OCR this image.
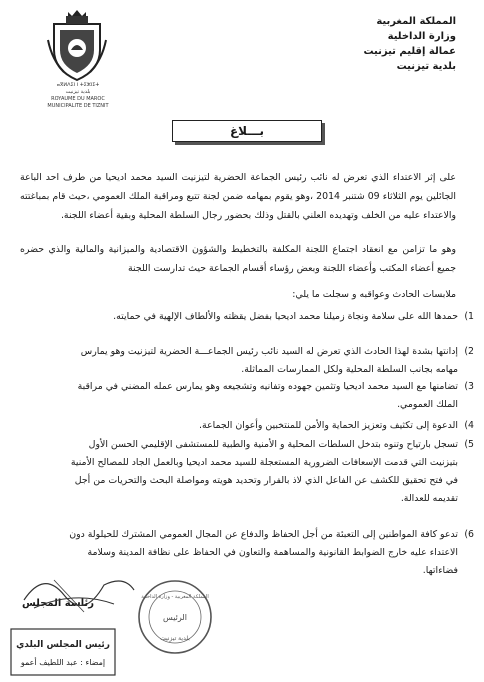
ⴰⴳⵍⴷⵉⵏ ⵏ ⵜⵉⵣⵏⵉⵜ
بلدية تيزنيت
ROYAUME DU MAROC
MUNICIPALITE DE TIZNIT
المملكة المغربية
وزارة الداخلية
عمالة إقليم تيزنيت
بلدية تيزنيت
بـــلاغ
على إثر الاعتداء الذي تعرض له نائب رئيس الجماعة الحضرية لتيزنيت السيد محمد اديحيا من طرف احد الباعة الجائلين يوم الثلاثاء 09 شتنبر 2014 ،وهو يقوم بمهامه ضمن لجنة تتبع ومراقبة الملك العمومي ،حيث قام بمباغتته والاعتداء عليه من الخلف وتهديده العلني بالقتل وذلك بحضور رجال السلطة المحلية وبقية أعضاء اللجنة.
وهو ما تزامن مع انعقاد اجتماع اللجنة المكلفة بالتخطيط والشؤون الاقتصادية والميزانية والمالية والذي حضره جميع أعضاء المكتب وأعضاء اللجنة وبعض رؤساء أقسام الجماعة حيث تدارست اللجنة
ملابسات الحادث وعواقبه و سجلت ما يلي:
1)
حمدها الله على سلامة ونجاة زميلنا محمد اديحيا بفضل يقظته والألطاف الإلهية في حمايته.
2)
إدانتها بشدة لهذا الحادث الذي تعرض له السيد نائب رئيس الجماعـــة الحضرية لتيزنيت وهو يمارس مهامه بجانب السلطة المحلية ولكل الممارسات المماثلة.
3)
تضامنها مع السيد محمد اديحيا وتثمين جهوده وتفانيه وتشجيعه وهو يمارس عمله المضني في مراقبة الملك العمومي.
4)
الدعوة إلى تكثيف وتعزيز الحماية والأمن للمنتخبين وأعوان الجماعة.
5)
تسجل بارتياح وتنوه بتدخل السلطات المحلية و الأمنية والطبية للمستشفى الإقليمي الحسن الأول بتيزنيت التي قدمت الإسعافات الضرورية المستعجلة للسيد محمد اديحيا وبالعمل الجاد للمصالح الأمنية في فتح تحقيق للكشف عن الفاعل الذي لاذ بالفرار وتحديد هويته ومواصلة البحث والتحريات من أجل تقديمه للعدالة.
6)
تدعو كافة المواطنين إلى التعبئة من أجل الحفاظ والدفاع عن المجال العمومي المشترك للحيلولة دون الاعتداء عليه خارج الضوابط القانونية والمساهمة والتعاون في الحفاظ على نظافة المدينة وسلامة فضاءاتها.
رئاسة المجلس
رئيس المجلس البلدي
إمضاء : عبد اللطيف أعمو
المملكة المغربية - وزارة الداخلية
الرئيس
بلدية تيزنيت
